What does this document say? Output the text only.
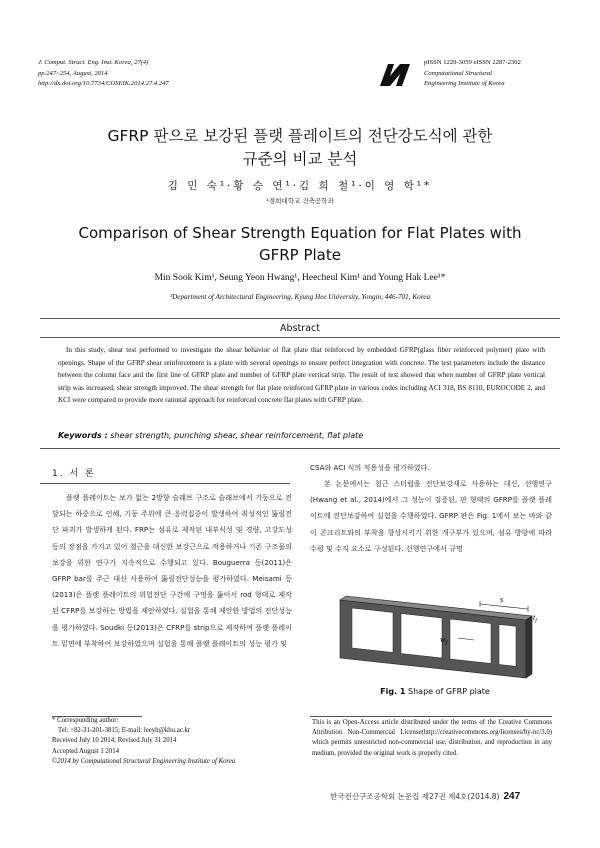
J. Comput. Struct. Eng. Inst. Korea, 27(4)
pp.247~254, August, 2014
http://dx.doi.org/10.7734/COSEIK.2014.27.4.247
pISSN 1229-3059 eISSN 2287-2302
Computational Structural
Engineering Institute of Korea
GFRP 판으로 보강된 플랫 플레이트의 전단강도식에 관한
규준의 비교 분석
김 민 숙¹·황 승 연¹·김 희 철¹·이 영 학¹*
¹경희대학교 건축공학과
Comparison of Shear Strength Equation for Flat Plates with
GFRP Plate
Min Sook Kim¹, Seung Yeon Hwang¹, Heecheul Kim¹ and Young Hak Lee¹*
¹Department of Architectural Engineering, Kyung Hee University, Yongin, 446-701, Korea
Abstract

In this study, shear test performed to investigate the shear behavior of flat plate that reinforced by embedded GFRP(glass fiber reinforced polymer) plate with openings. Shape of the GFRP shear reinforcement is a plate with several openings to ensure perfect integration with concrete. The test parameters include the distance between the column face and the first line of GFRP plate and number of GFRP plate vertical strip. The result of test showed that when number of GFRP plate vertical strip was increased, shear strength improved. The shear strength for flat plate reinforced GFRP plate in various codes including ACI 318, BS 8110, EUROCODE 2, and KCI were compared to provide more rational approach for reinforced concrete flat plates with GFRP plate.

Keywords : shear strength, punching shear, shear reinforcement, flat plate
1. 서 론

플랫 플레이트는 보가 없는 2방향 슬래브 구조로 슬래브에서 기둥으로 전달되는 하중으로 인해, 기둥 주위에 큰 응력집중이 발생하여 취성적인 뚫림전단 파괴가 발생하게 된다. FRP는 섬유로 제작된 내부식성 및 경량, 고강도성 등의 장점을 가지고 있어 철근을 대신한 보강근으로 적용하거나 기존 구조물의 보강을 위한 연구가 지속적으로 수행되고 있다. Bouguerra 등(2011)은 GFRP bar를 주근 대신 사용하여 뚫림전단성능을 평가하였다. Meisami 등(2013)은 플랫 플레이트의 위험전단 구간에 구멍을 뚫어서 rod 형태로 제작된 CFRP를 보강하는 방법을 제안하였다. 실험을 통해 제안한 방법의 전단성능을 평가하였다. Soudki 등(2013)은 CFRP를 strip으로 제작하여 플랫 플레이트 밑면에 부착하여 보강하였으며 실험을 통해 플랫 플레이트의 성능 평가 및

CSA와 ACI 식의 적용성을 평가하였다.

본 논문에서는 철근 스터럽을 전단보강재로 사용하는 대신, 선행연구(Hwang et al., 2014)에서 그 성능이 검증된, 판 형태의 GFRP를 플랫 플레이트에 전단보강하여 실험을 수행하였다. GFRP 판은 Fig. 1에서 보는 바와 같이 콘크리트와의 부착을 향상시키기 위한 개구부가 있으며, 섬유 방향에 따라 수평 및 수직 요소로 구성된다. 선행연구에서 규명

s
$w_f$
$t_f$
Fig. 1 Shape of GFRP plate
* Corresponding author:
Tel: +82-31-201-3815; E-mail: leeyh@khu.ac.kr
Received July 10 2014; Revised July 31 2014
Accepted August 1 2014
©2014 by Computational Structural Engineering Institute of Korea

This is an Open-Access article distributed under the terms of the Creative Commons Attribution Non-Commercial License(http://creativecommons.org/licenses/by-nc/3.0) which permits unrestricted non-commercial use, distribution, and reproduction in any medium, provided the original work is properly cited.

한국전산구조공학회 논문집 제27권 제4호(2014.8) 247
